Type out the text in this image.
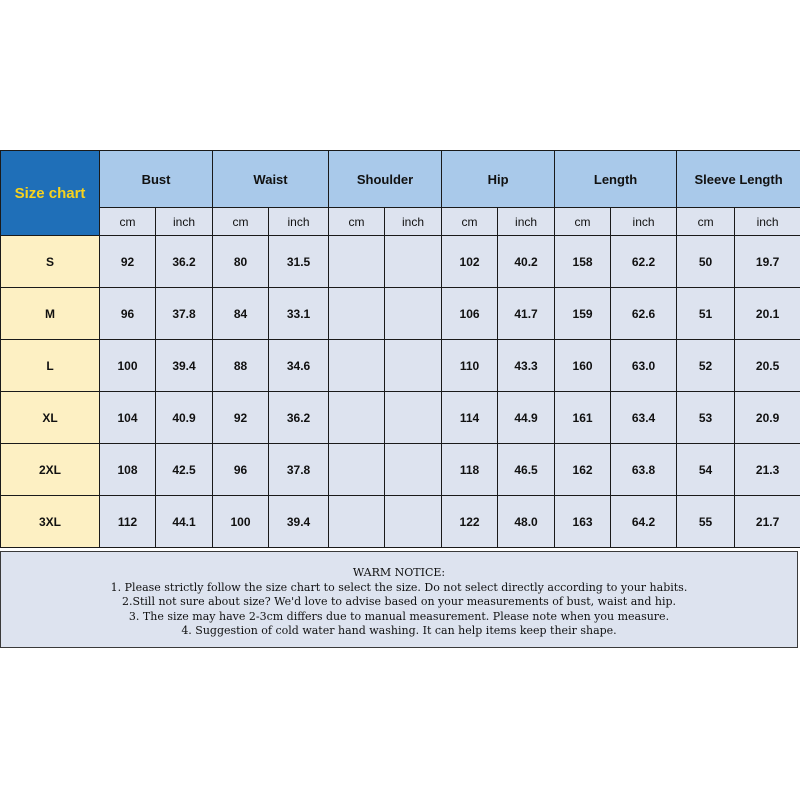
Size chart	Bust		Waist		Shoulder		Hip		Length		Sleeve Length	
	cm	inch	cm	inch	cm	inch	cm	inch	cm	inch	cm	inch
S	92	36.2	80	31.5			102	40.2	158	62.2	50	19.7
M	96	37.8	84	33.1			106	41.7	159	62.6	51	20.1
L	100	39.4	88	34.6			110	43.3	160	63.0	52	20.5
XL	104	40.9	92	36.2			114	44.9	161	63.4	53	20.9
2XL	108	42.5	96	37.8			118	46.5	162	63.8	54	21.3
3XL	112	44.1	100	39.4			122	48.0	163	64.2	55	21.7
WARM NOTICE:
1. Please strictly follow the size chart to select the size. Do not select directly according to your habits.
2.Still not sure about size? We'd love to advise based on your measurements of bust, waist and hip.
3. The size may have 2-3cm differs due to manual measurement. Please note when you measure.
4. Suggestion of cold water hand washing. It can help items keep their shape.
